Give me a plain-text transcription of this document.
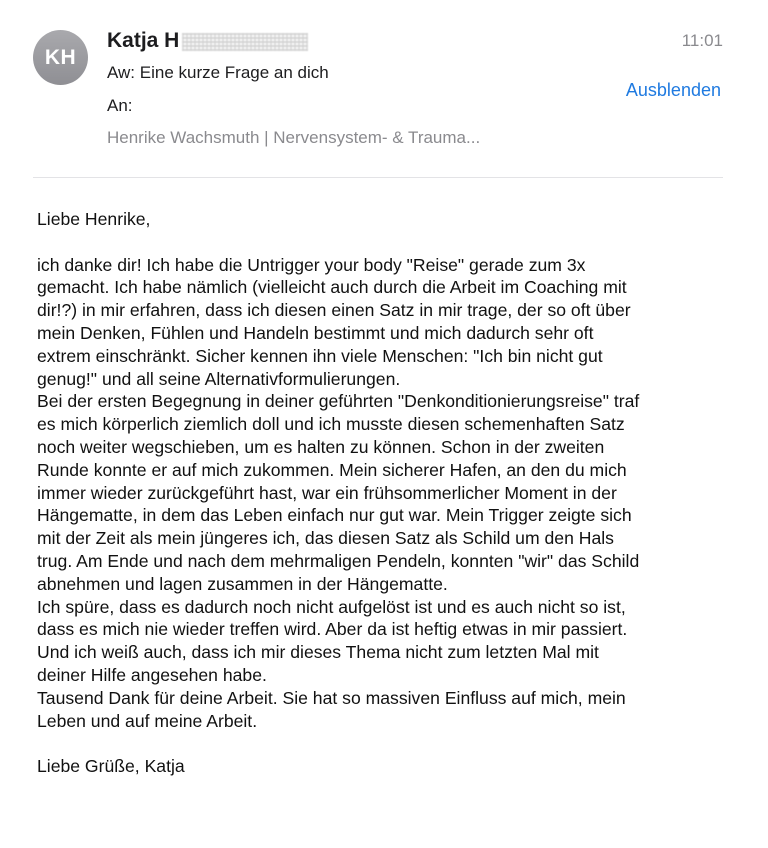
KH
Katja H	11:01
Aw: Eine kurze Frage an dich
An:
Ausblenden
Henrike Wachsmuth | Nervensystem- & Trauma...

Liebe Henrike,

ich danke dir! Ich habe die Untrigger your body "Reise" gerade zum 3x
gemacht. Ich habe nämlich (vielleicht auch durch die Arbeit im Coaching mit
dir!?) in mir erfahren, dass ich diesen einen Satz in mir trage, der so oft über
mein Denken, Fühlen und Handeln bestimmt und mich dadurch sehr oft
extrem einschränkt. Sicher kennen ihn viele Menschen: "Ich bin nicht gut
genug!" und all seine Alternativformulierungen.
Bei der ersten Begegnung in deiner geführten "Denkonditionierungsreise" traf
es mich körperlich ziemlich doll und ich musste diesen schemenhaften Satz
noch weiter wegschieben, um es halten zu können. Schon in der zweiten
Runde konnte er auf mich zukommen. Mein sicherer Hafen, an den du mich
immer wieder zurückgeführt hast, war ein frühsommerlicher Moment in der
Hängematte, in dem das Leben einfach nur gut war. Mein Trigger zeigte sich
mit der Zeit als mein jüngeres ich, das diesen Satz als Schild um den Hals
trug. Am Ende und nach dem mehrmaligen Pendeln, konnten "wir" das Schild
abnehmen und lagen zusammen in der Hängematte.
Ich spüre, dass es dadurch noch nicht aufgelöst ist und es auch nicht so ist,
dass es mich nie wieder treffen wird. Aber da ist heftig etwas in mir passiert.
Und ich weiß auch, dass ich mir dieses Thema nicht zum letzten Mal mit
deiner Hilfe angesehen habe.
Tausend Dank für deine Arbeit. Sie hat so massiven Einfluss auf mich, mein
Leben und auf meine Arbeit.

Liebe Grüße, Katja
